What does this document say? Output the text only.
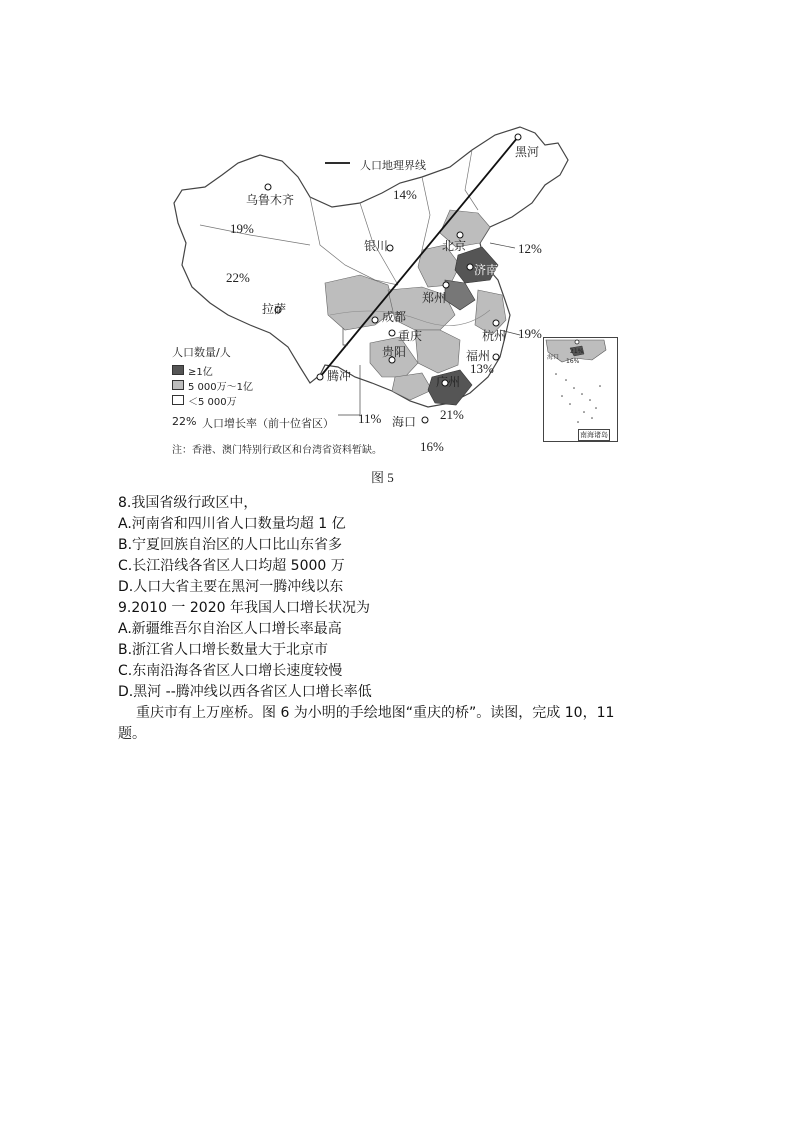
人口地理界线
黑河
乌鲁木齐
银川	北京
济南
郑州
拉萨
成都
重庆
贵阳
杭州
福州
腾冲	广州
海口
14%
19%
22%
12%
19%
13%
11%	21%
16%
人口数量/人
≥1亿
5 000万～1亿
＜5 000万
22% 人口增长率（前十位省区）
注：香港、澳门特别行政区和台湾省资料暂缺。
21%
海口
16%
南海诸岛
图 5
8.我国省级行政区中，
A.河南省和四川省人口数量均超 1 亿
B.宁夏回族自治区的人口比山东省多
C.长江沿线各省区人口均超 5000 万
D.人口大省主要在黑河一腾冲线以东
9.2010 一 2020 年我国人口增长状况为
A.新疆维吾尔自治区人口增长率最高
B.浙江省人口增长数量大于北京市
C.东南沿海各省区人口增长速度较慢
D.黑河 --腾冲线以西各省区人口增长率低
重庆市有上万座桥。图 6 为小明的手绘地图“重庆的桥”。读图，完成 10，11
题。
